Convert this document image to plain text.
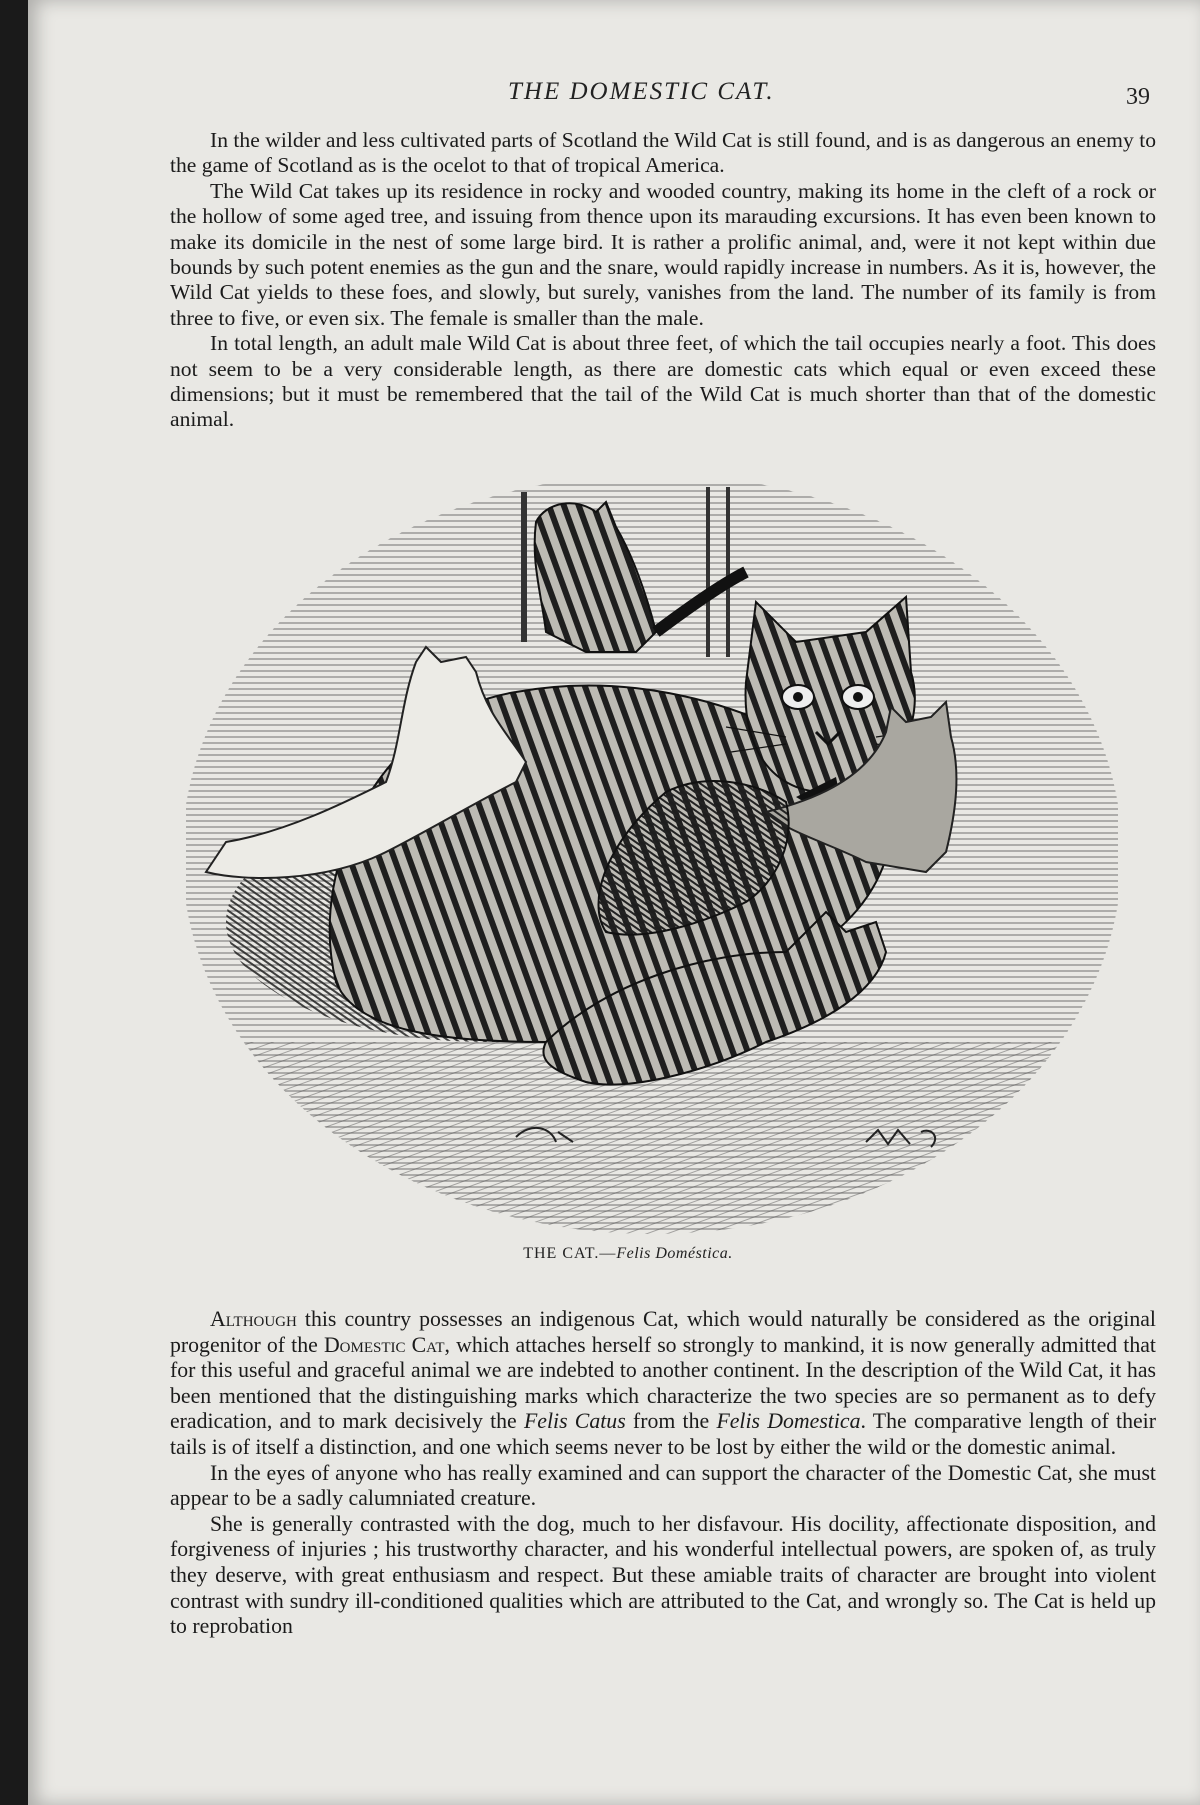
THE DOMESTIC CAT.	39

In the wilder and less cultivated parts of Scotland the Wild Cat is still found, and is as dangerous an enemy to the game of Scotland as is the ocelot to that of tropical America.

The Wild Cat takes up its residence in rocky and wooded country, making its home in the cleft of a rock or the hollow of some aged tree, and issuing from thence upon its marauding excursions. It has even been known to make its domicile in the nest of some large bird. It is rather a prolific animal, and, were it not kept within due bounds by such potent enemies as the gun and the snare, would rapidly increase in numbers. As it is, however, the Wild Cat yields to these foes, and slowly, but surely, vanishes from the land. The number of its family is from three to five, or even six. The female is smaller than the male.

In total length, an adult male Wild Cat is about three feet, of which the tail occupies nearly a foot. This does not seem to be a very considerable length, as there are domestic cats which equal or even exceed these dimensions; but it must be remembered that the tail of the Wild Cat is much shorter than that of the domestic animal.

THE CAT.—Felis Doméstica.

Although this country possesses an indigenous Cat, which would naturally be considered as the original progenitor of the Domestic Cat, which attaches herself so strongly to mankind, it is now generally admitted that for this useful and graceful animal we are indebted to another continent. In the description of the Wild Cat, it has been mentioned that the distinguishing marks which characterize the two species are so permanent as to defy eradication, and to mark decisively the Felis Catus from the Felis Domestica. The comparative length of their tails is of itself a distinction, and one which seems never to be lost by either the wild or the domestic animal.

In the eyes of anyone who has really examined and can support the character of the Domestic Cat, she must appear to be a sadly calumniated creature.

She is generally contrasted with the dog, much to her disfavour. His docility, affectionate disposition, and forgiveness of injuries ; his trustworthy character, and his wonderful intellectual powers, are spoken of, as truly they deserve, with great enthusiasm and respect. But these amiable traits of character are brought into violent contrast with sundry ill-conditioned qualities which are attributed to the Cat, and wrongly so. The Cat is held up to reprobation
